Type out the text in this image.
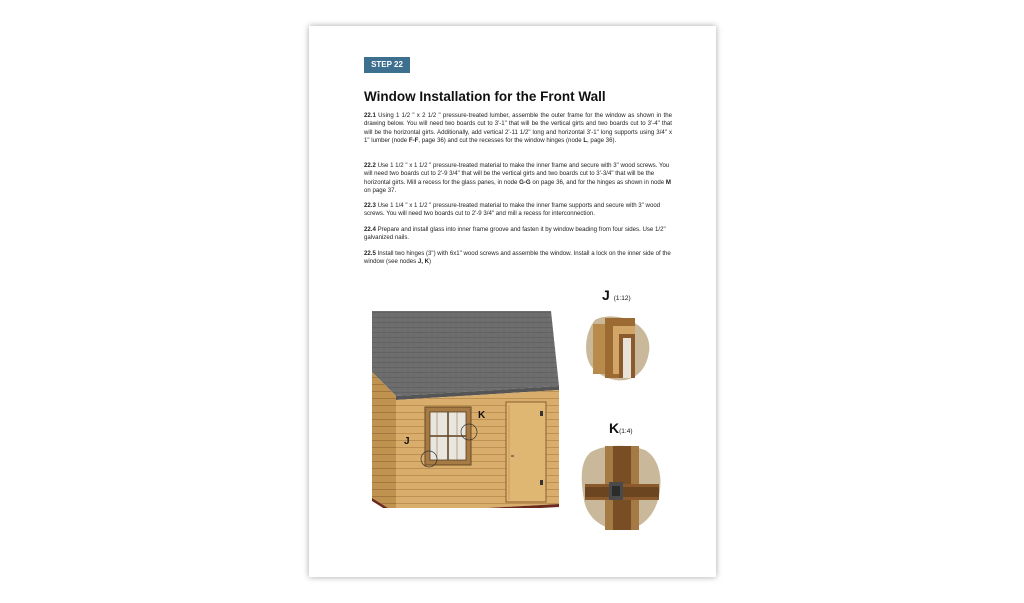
STEP 22
Window Installation for the Front Wall

22.1 Using 1 1/2 " x 2 1/2 " pressure-treated lumber, assemble the outer frame for the window as shown in the drawing below. You will need two boards cut to 3'-1" that will be the vertical girts and two boards cut to 3'-4" that will be the horizontal girts. Additionally, add vertical 2'-11 1/2" long and horizontal 3'-1" long supports using 3/4" x 1" lumber (node F-F, page 36) and cut the recesses for the window hinges (node L, page 36).

22.2 Use 1 1/2 " x 1 1/2 " pressure-treated material to make the inner frame and secure with 3" wood screws. You will need two boards cut to 2'-9 3/4" that will be the vertical girts and two boards cut to 3'-3/4" that will be the horizontal girts. Mill a recess for the glass panes, in node G-G on page 36, and for the hinges as shown in node M on page 37.

22.3 Use 1 1/4 " x 1 1/2 " pressure-treated material to make the inner frame supports and secure with 3" wood screws. You will need two boards cut to 2'-9 3/4" and mill a recess for interconnection.

22.4 Prepare and install glass into inner frame groove and fasten it by window beading from four sides. Use 1/2" galvanized nails.

22.5 Install two hinges (3") with 6x1" wood screws and assemble the window. Install a lock on the inner side of the window (see nodes J, K)

J
K
J (1:12)
K(1:4)
